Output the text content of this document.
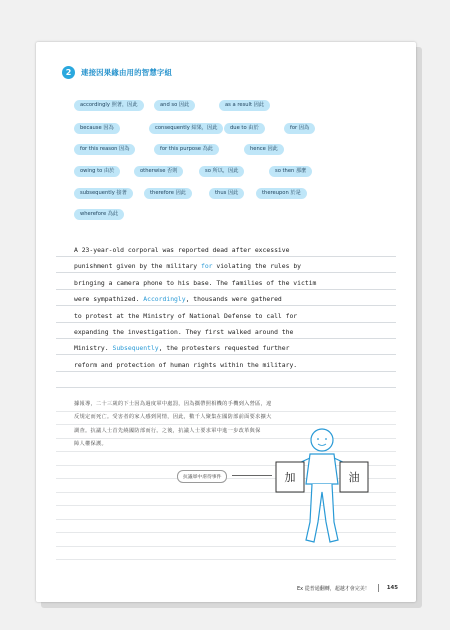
2	連接因果緣由用的智慧字組
accordingly 照著，因此	and so 因此	as a result 因此
because 因為	consequently 結果，因此	due to 由於	for 因為
for this reason 因為	for this purpose 為此	hence 因此
owing to 由於	otherwise 否則	so 所以，因此	so then 那麼
subsequently 接著	therefore 因此	thus 因此	thereupon 於是
wherefore 為此
A 23-year-old corporal was reported dead after excessive
punishment given by the military for violating the rules by
bringing a camera phone to his base. The families of the victim
were sympathized. Accordingly, thousands were gathered
to protest at the Ministry of National Defense to call for
expanding the investigation. They first walked around the
Ministry. Subsequently, the protesters requested further
reform and protection of human rights within the military.
據報導，二十三歲的下士因為過度軍中處罰，因為攜帶照相機的手機到入營區，違
反規定而死亡。受害者的家人感到同情，因此，數千人聚集在國防部前面要求擴大
調查。抗議人士首先繞國防部而行。之後，抗議人士要求軍中進一步改革與保
障人權保護。
抗議軍中虐待事件	加	油
Ex 從普通翻轉，超越才會完美！	145
